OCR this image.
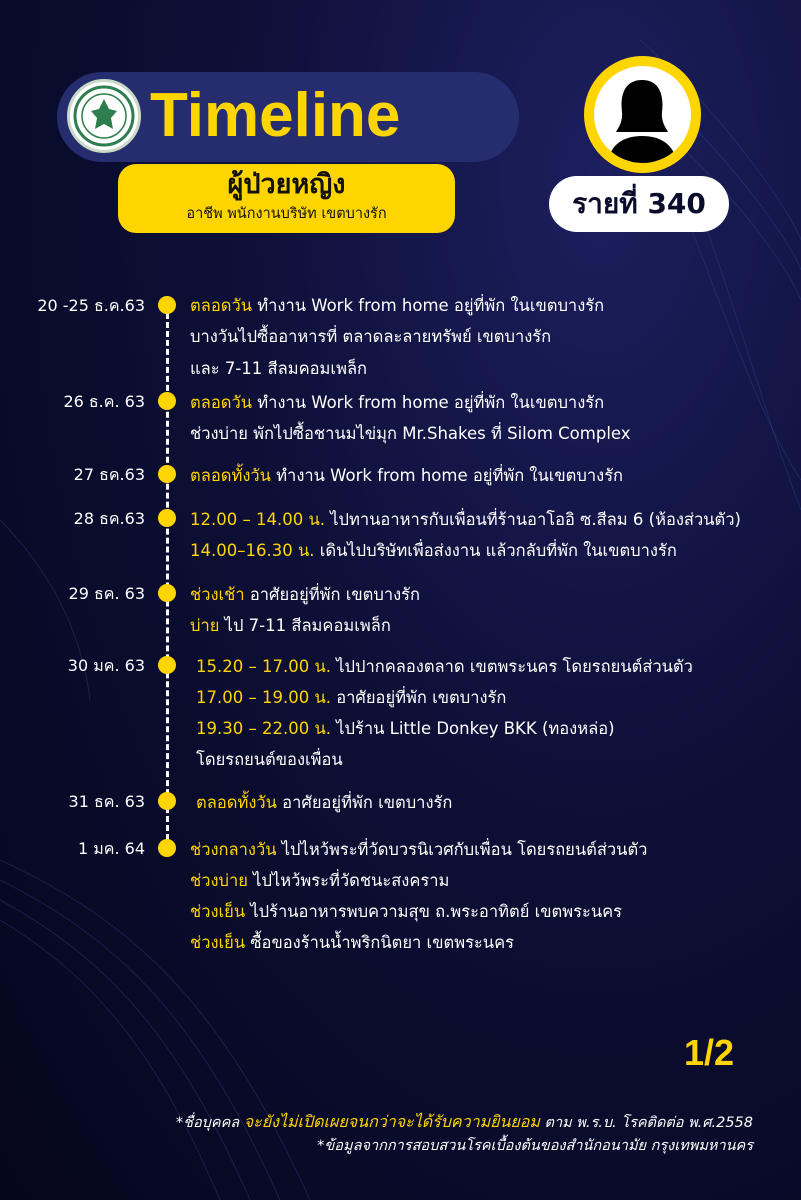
Timeline
ผู้ป่วยหญิง
อาชีพ พนักงานบริษัท เขตบางรัก	รายที่ 340
20 -25 ธ.ค.63	ตลอดวัน ทำงาน Work from home อยู่ที่พัก ในเขตบางรัก
บางวันไปซื้ออาหารที่ ตลาดละลายทรัพย์ เขตบางรัก
และ 7-11 สีลมคอมเพล็ก
26 ธ.ค. 63	ตลอดวัน ทำงาน Work from home อยู่ที่พัก ในเขตบางรัก
ช่วงบ่าย พักไปซื้อชานมไข่มุก Mr.Shakes ที่ Silom Complex
27 ธค.63	ตลอดทั้งวัน ทำงาน Work from home อยู่ที่พัก ในเขตบางรัก
28 ธค.63	12.00 – 14.00 น. ไปทานอาหารกับเพื่อนที่ร้านอาโออิ ซ.สีลม 6 (ห้องส่วนตัว)
14.00–16.30 น. เดินไปบริษัทเพื่อส่งงาน แล้วกลับที่พัก ในเขตบางรัก
29 ธค. 63	ช่วงเช้า อาศัยอยู่ที่พัก เขตบางรัก
บ่าย ไป 7-11 สีลมคอมเพล็ก
30 มค. 63	15.20 – 17.00 น. ไปปากคลองตลาด เขตพระนคร โดยรถยนต์ส่วนตัว
17.00 – 19.00 น. อาศัยอยู่ที่พัก เขตบางรัก
19.30 – 22.00 น. ไปร้าน Little Donkey BKK (ทองหล่อ)
โดยรถยนต์ของเพื่อน
31 ธค. 63	ตลอดทั้งวัน อาศัยอยู่ที่พัก เขตบางรัก
1 มค. 64	ช่วงกลางวัน ไปไหว้พระที่วัดบวรนิเวศกับเพื่อน โดยรถยนต์ส่วนตัว
ช่วงบ่าย ไปไหว้พระที่วัดชนะสงคราม
ช่วงเย็น ไปร้านอาหารพบความสุข ถ.พระอาทิตย์ เขตพระนคร
ช่วงเย็น ซื้อของร้านน้ำพริกนิตยา เขตพระนคร
1/2
*ชื่อบุคคล จะยังไม่เปิดเผยจนกว่าจะได้รับความยินยอม ตาม พ.ร.บ. โรคติดต่อ พ.ศ.2558
*ข้อมูลจากการสอบสวนโรคเบื้องต้นของสำนักอนามัย กรุงเทพมหานคร
